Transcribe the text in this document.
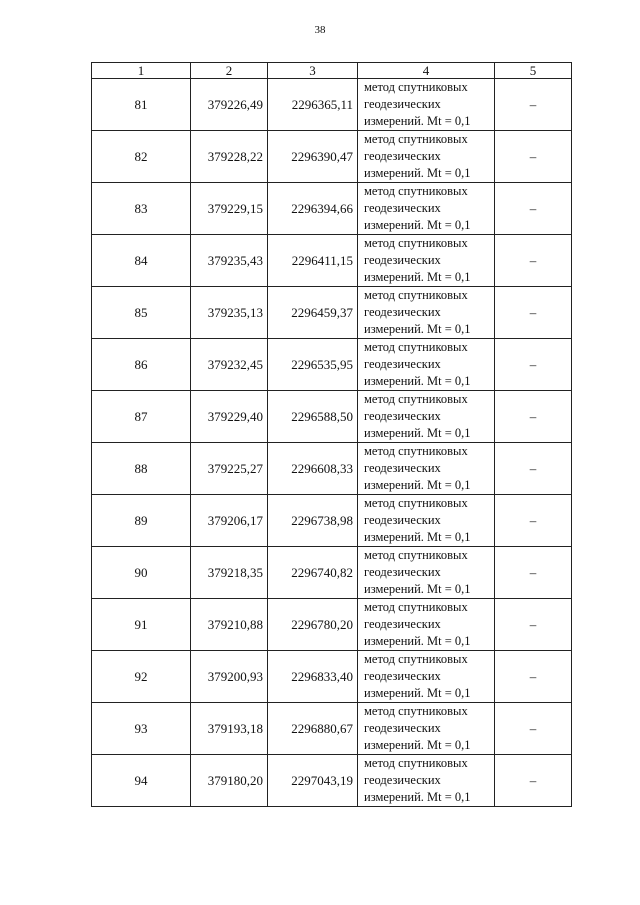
38
1	2	3	4	5
81	379226,49	2296365,11	метод спутниковых
геодезических
измерений. Mt = 0,1	–
82	379228,22	2296390,47	метод спутниковых
геодезических
измерений. Mt = 0,1	–
83	379229,15	2296394,66	метод спутниковых
геодезических
измерений. Mt = 0,1	–
84	379235,43	2296411,15	метод спутниковых
геодезических
измерений. Mt = 0,1	–
85	379235,13	2296459,37	метод спутниковых
геодезических
измерений. Mt = 0,1	–
86	379232,45	2296535,95	метод спутниковых
геодезических
измерений. Mt = 0,1	–
87	379229,40	2296588,50	метод спутниковых
геодезических
измерений. Mt = 0,1	–
88	379225,27	2296608,33	метод спутниковых
геодезических
измерений. Mt = 0,1	–
89	379206,17	2296738,98	метод спутниковых
геодезических
измерений. Mt = 0,1	–
90	379218,35	2296740,82	метод спутниковых
геодезических
измерений. Mt = 0,1	–
91	379210,88	2296780,20	метод спутниковых
геодезических
измерений. Mt = 0,1	–
92	379200,93	2296833,40	метод спутниковых
геодезических
измерений. Mt = 0,1	–
93	379193,18	2296880,67	метод спутниковых
геодезических
измерений. Mt = 0,1	–
94	379180,20	2297043,19	метод спутниковых
геодезических
измерений. Mt = 0,1	–
